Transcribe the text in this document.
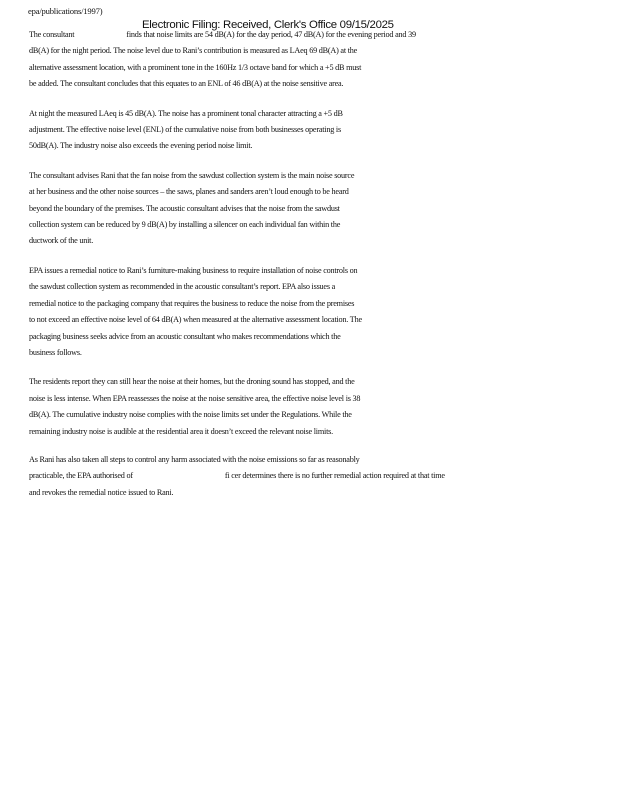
epa/publications/1997)
Electronic Filing: Received, Clerk's Office 09/15/2025

The consultant	finds that noise limits are 54 dB(A) for the day period, 47 dB(A) for the evening period and 39
dB(A) for the night period. The noise level due to Rani’s contribution is measured as LAeq 69 dB(A) at the
alternative assessment location, with a prominent tone in the 160Hz 1/3 octave band for which a +5 dB must
be added. The consultant concludes that this equates to an ENL of 46 dB(A) at the noise sensitive area.

At night the measured LAeq is 45 dB(A). The noise has a prominent tonal character attracting a +5 dB
adjustment. The effective noise level (ENL) of the cumulative noise from both businesses operating is
50dB(A). The industry noise also exceeds the evening period noise limit.

The consultant advises Rani that the fan noise from the sawdust collection system is the main noise source
at her business and the other noise sources – the saws, planes and sanders aren’t loud enough to be heard
beyond the boundary of the premises. The acoustic consultant advises that the noise from the sawdust
collection system can be reduced by 9 dB(A) by installing a silencer on each individual fan within the
ductwork of the unit.

EPA issues a remedial notice to Rani’s furniture-making business to require installation of noise controls on
the sawdust collection system as recommended in the acoustic consultant’s report. EPA also issues a
remedial notice to the packaging company that requires the business to reduce the noise from the premises
to not exceed an effective noise level of 64 dB(A) when measured at the alternative assessment location. The
packaging business seeks advice from an acoustic consultant who makes recommendations which the
business follows.

The residents report they can still hear the noise at their homes, but the droning sound has stopped, and the
noise is less intense. When EPA reassesses the noise at the noise sensitive area, the effective noise level is 38
dB(A). The cumulative industry noise complies with the noise limits set under the Regulations. While the
remaining industry noise is audible at the residential area it doesn’t exceed the relevant noise limits.

As Rani has also taken all steps to control any harm associated with the noise emissions so far as reasonably
practicable, the EPA authorised of	fi cer determines there is no further remedial action required at that time
and revokes the remedial notice issued to Rani.
